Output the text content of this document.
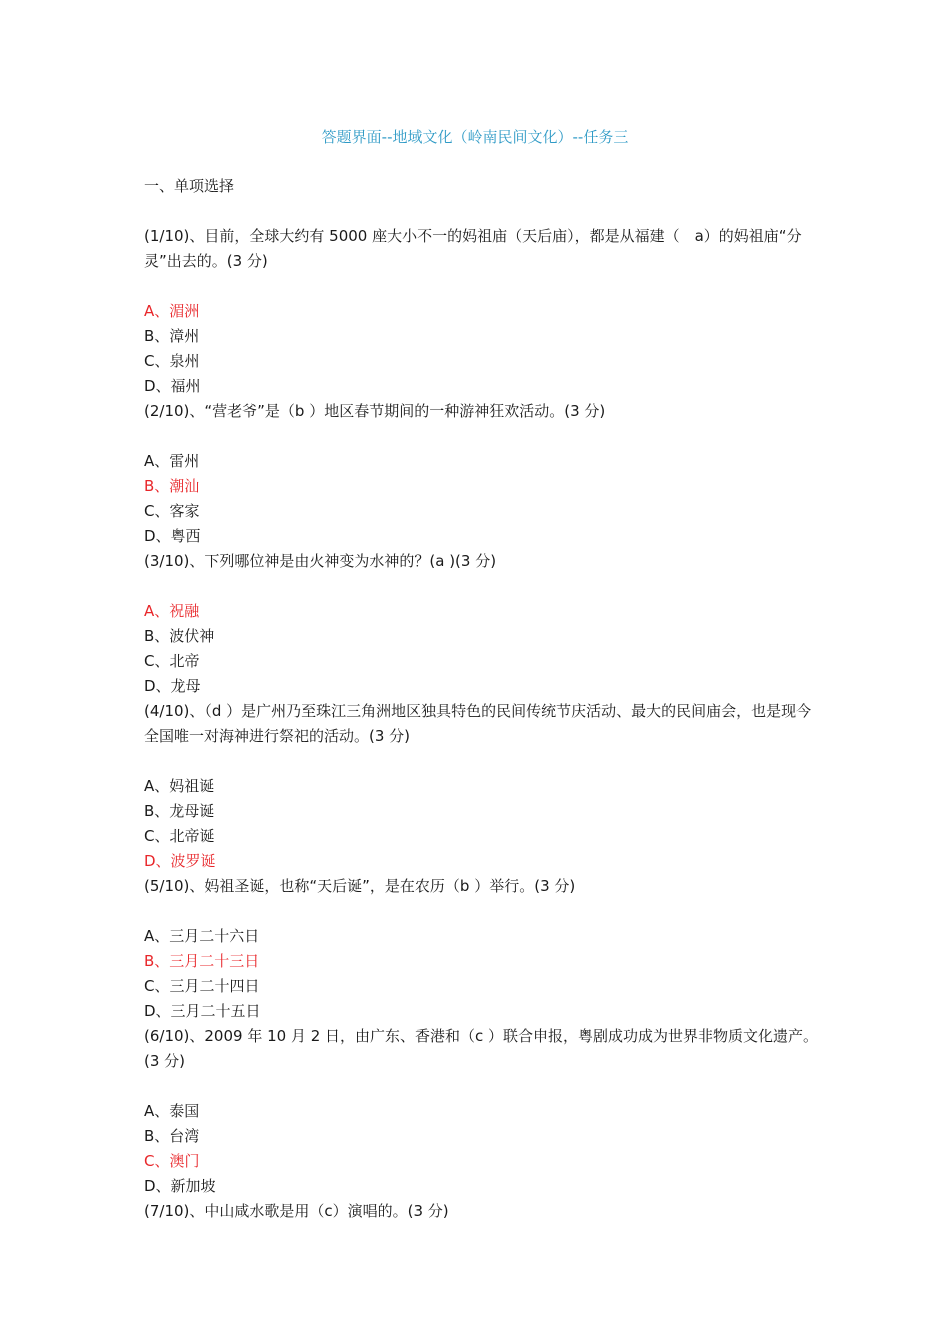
答题界面--地域文化（岭南民间文化）--任务三
一、单项选择
(1/10)、目前，全球大约有 5000 座大小不一的妈祖庙（天后庙），都是从福建（　a）的妈祖庙“分灵”出去的。(3 分)
A、湄洲
B、漳州
C、泉州
D、福州
(2/10)、“营老爷”是（b ）地区春节期间的一种游神狂欢活动。(3 分)
A、雷州
B、潮汕
C、客家
D、粤西
(3/10)、下列哪位神是由火神变为水神的？(a )(3 分)
A、祝融
B、波伏神
C、北帝
D、龙母
(4/10)、（d ）是广州乃至珠江三角洲地区独具特色的民间传统节庆活动、最大的民间庙会，也是现今全国唯一对海神进行祭祀的活动。(3 分)
A、妈祖诞
B、龙母诞
C、北帝诞
D、波罗诞
(5/10)、妈祖圣诞，也称“天后诞”，是在农历（b ）举行。(3 分)
A、三月二十六日
B、三月二十三日
C、三月二十四日
D、三月二十五日
(6/10)、2009 年 10 月 2 日，由广东、香港和（c ）联合申报，粤剧成功成为世界非物质文化遗产。(3 分)
A、泰国
B、台湾
C、澳门
D、新加坡
(7/10)、中山咸水歌是用（c）演唱的。(3 分)
